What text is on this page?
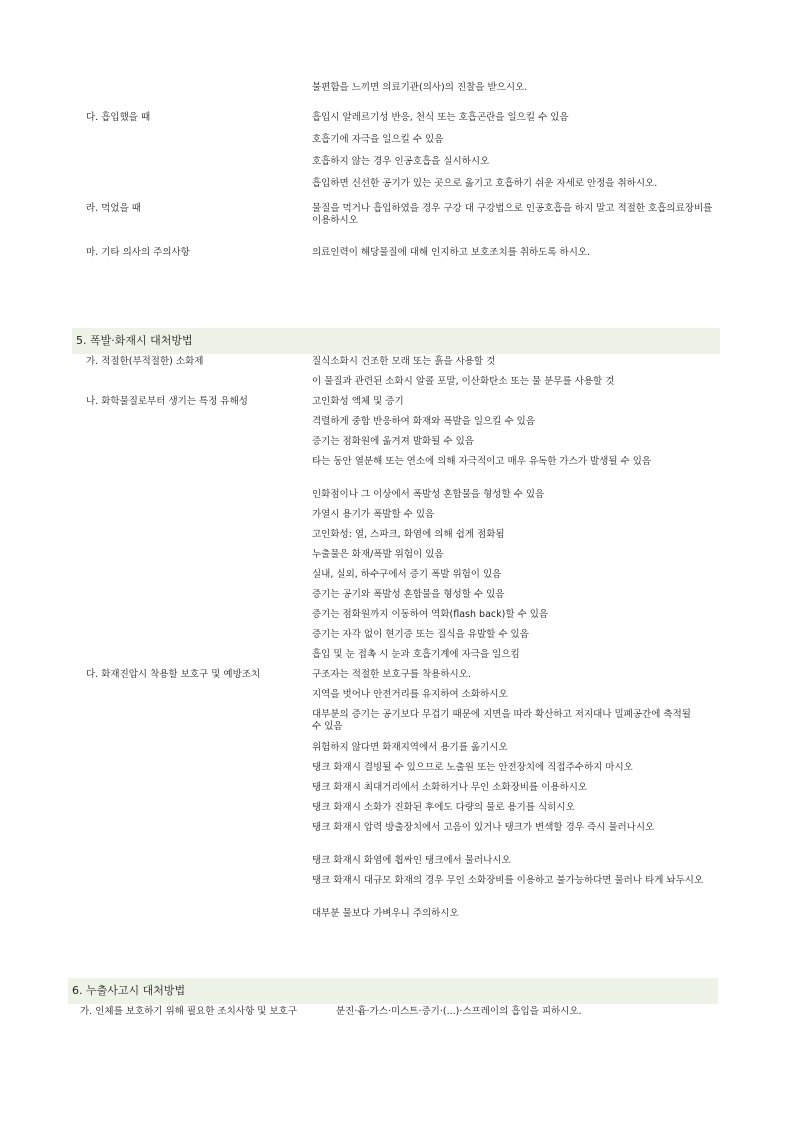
불편함을 느끼면 의료기관(의사)의 진찰을 받으시오.
다. 흡입했을 때	흡입시 알레르기성 반응, 천식 또는 호흡곤란을 일으킬 수 있음
호흡기에 자극을 일으킬 수 있음
호흡하지 않는 경우 인공호흡을 실시하시오
흡입하면 신선한 공기가 있는 곳으로 옮기고 호흡하기 쉬운 자세로 안정을 취하시오.
라. 먹었을 때	물질을 먹거나 흡입하였을 경우 구강 대 구강법으로 인공호흡을 하지 말고 적절한 호흡의료장비를 이용하시오
마. 기타 의사의 주의사항	의료인력이 해당물질에 대해 인지하고 보호조치를 취하도록 하시오.
5. 폭발·화재시 대처방법
가. 적절한(부적절한) 소화제	질식소화시 건조한 모래 또는 흙을 사용할 것
이 물질과 관련된 소화시 알콜 포말, 이산화탄소 또는 물 분무를 사용할 것
나. 화학물질로부터 생기는 특정 유해성	고인화성 액체 및 증기
격렬하게 중합 반응하여 화재와 폭발을 일으킬 수 있음
증기는 점화원에 옮겨져 발화될 수 있음
타는 동안 열분해 또는 연소에 의해 자극적이고 매우 유독한 가스가 발생될 수 있음
인화점이나 그 이상에서 폭발성 혼합물을 형성할 수 있음
가열시 용기가 폭발할 수 있음
고인화성: 열, 스파크, 화염에 의해 쉽게 점화됨
누출물은 화재/폭발 위험이 있음
실내, 실외, 하수구에서 증기 폭발 위험이 있음
증기는 공기와 폭발성 혼합물을 형성할 수 있음
증기는 점화원까지 이동하여 역화(flash back)할 수 있음
증기는 자각 없이 현기증 또는 질식을 유발할 수 있음
흡입 및 눈 접촉 시 눈과 호흡기계에 자극을 일으킴
다. 화재진압시 착용할 보호구 및 예방조치	구조자는 적절한 보호구를 착용하시오.
지역을 벗어나 안전거리를 유지하여 소화하시오
대부분의 증기는 공기보다 무겁기 때문에 지면을 따라 확산하고 저지대나 밀폐공간에 축적될 수 있음
위험하지 않다면 화재지역에서 용기를 옮기시오
탱크 화재시 결빙될 수 있으므로 노출원 또는 안전장치에 직접주수하지 마시오
탱크 화재시 최대거리에서 소화하거나 무인 소화장비를 이용하시오
탱크 화재시 소화가 진화된 후에도 다량의 물로 용기를 식히시오
탱크 화재시 압력 방출장치에서 고음이 있거나 탱크가 변색할 경우 즉시 물러나시오
탱크 화재시 화염에 휩싸인 탱크에서 물러나시오
탱크 화재시 대규모 화재의 경우 무인 소화장비를 이용하고 불가능하다면 물러나 타게 놔두시오
대부분 물보다 가벼우니 주의하시오
6. 누출사고시 대처방법
가. 인체를 보호하기 위해 필요한 조치사항 및 보호구	분진·흄·가스·미스트·증기·(...)·스프레이의 흡입을 피하시오.
